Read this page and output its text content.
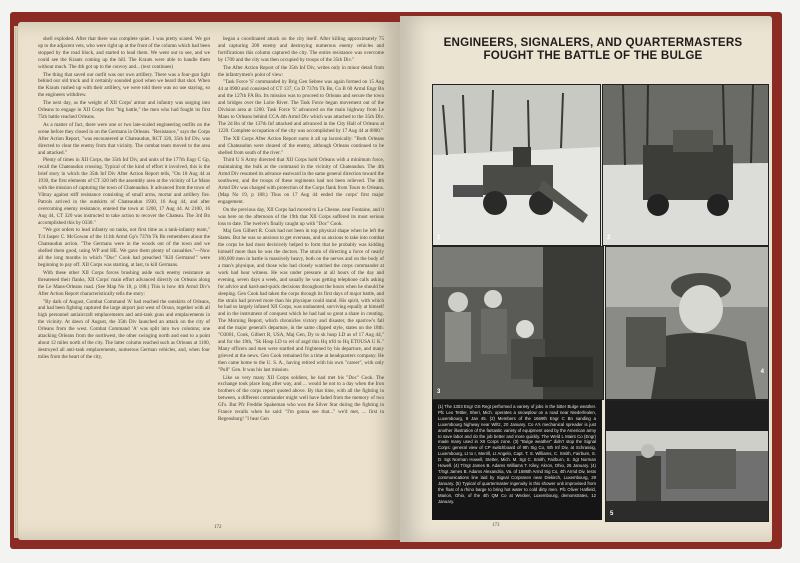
shell exploded. After that there was complete quiet. I was pretty scared. We got up to the adjacent vets, who were right up at the front of the column which had been stopped by the road block, and started to lead them. We went out to see, and we could see the Krauts coming up the hill. The Krauts were able to handle them without much. The 4th got up to the convoy and... (text continues)

The thing that saved our outfit was our own artillery. There was a four-gun light behind our old truck and it certainly sounded good when we heard that shot. When the Krauts rushed up with their artillery, we were told there was no use staying, so the engineers withdrew.

The next day, as the weight of XII Corps' armor and infantry was surging into Orleans to engage in XII Corps first "big battle," the men who had fought its first 75th battle reached Orleans.

As a matter of fact, there were one or two late-scaled engineering outfits on the scene before they closed in on the Germans in Orleans. "Resistance," says the Corps After Action Report, "was encountered at Chateaudun, RCT 320, 35th Inf Div, was directed to clear the enemy from that vicinity. The combat team moved to the area and attacked."

Plenty of times in XII Corps, the 35th Inf Div, and units of the 177th Engr C Gp, recall the Chateaudun crossing. Typical of the kind of effort it involved, this is the brief story in which the 35th Inf Div After Action Report tells, "On 18 Aug 44 at 1930, the first elements of CT 320 left the assembly area at the vicinity of Le Mans with the mission of capturing the town of Chateaudun. It advanced from the town of Vibray against stiff resistance consisting of small arms, mortar and artillery fire. Patrols arrived in the outskirts of Chateaudun 1930, 16 Aug 44, and after overcoming enemy resistance, entered the town at 1200, 17 Aug 44. At 2100, 16 Aug 44, CT 320 was instructed to take action to recover the Chateau. The 3rd Bn accomplished this by 0330."

"We got orders to lead infantry on tanks, not first time as a tank-infantry team," T/4 Jasper C. McGowan of the 111th Armd Gp's 737th Tk Bn remembers about the Chateaudun action. "The Germans were in the woods out of the town and we shelled them good, using WP and HE. We gave them plenty of casualties."—Now all the long months in which "Doc" Cook had preached "Kill Germans!" were beginning to pay off. XII Corps was starting, at last, to kill Germans.

With these other XII Corps forces brushing aside such enemy resistance as threatened their flanks, XII Corps' main effort advanced directly on Orleans along the Le Mans-Orleans road. (See Map No 18, p 188.) This is how 4th Armd Div's After Action Report characteristically tells the story:

"By dark of August, Combat Command 'A' had reached the outskirts of Orleans, and had been fighting captured the large airport just west of Orson, together with all high personnel antiaircraft emplacements and anti-tank guns and emplacements in the vicinity. At dawn of August, the 35th Div launched an attack on the city of Orleans from the west. Combat Command 'A' was split into two columns; one attacking Orleans from the northwest, the other swinging north and east to a point about 12 miles north of the city. The latter column reached such as Orleans at 1100, destroyed all anti-tank emplacements, numerous German vehicles, and, when four miles from the heart of the city,

began a coordinated attack on the city itself. After killing approximately 75 and capturing 200 enemy and destroying numerous enemy vehicles and fortifications this column captured the city. The entire resistance was overcome by 1700 and the city was then occupied by troops of the 35th Div."

The After Action Report of the 35th Inf Div, writes only in minor detail from the infantrymen's point of view:

"Task Force 'S' commanded by Brig Gen Sebree was again formed on 15 Aug 44 at 0900 and consisted of CT 137, Co D 737th Tk Bn, Co B 60 Armd Engr Bn and the 127th FA Bn. Its mission was to proceed to Orleans and secure the town and bridges over the Loire River. The Task Force began movement out of the Division area at 1200. Task Force 'S' advanced on the main highway from Le Mans to Orleans behind CCA 4th Armd Div which was attached to the 35th Div. The 2d Bn of the 137th Inf attacked and advanced in the City Hall of Orleans at 1220. Complete occupation of the city was accomplished by 17 Aug 44 at 0800."

The XII Corps After Action Report sums it all up laconically: "Both Orleans and Chateaudun were cleared of the enemy, although Orleans continued to be shelled from south of the river."

Third U S Army directed that XII Corps hold Orleans with a minimum force, maintaining the bulk at the command in the vicinity of Chateaudun. The 4th Armd Div resumed its advance eastward in the same general direction toward the southwest, and the troops of these regiments had not been relieved. The 4th Armd Div was charged with protection of the Corps flank from Tours to Orleans. (Map No 19, p 188.) Thus on 17 Aug 44 ended the corps' first major engagement.

On the previous day, XII Corps had moved to La Chesne, near Fontaine, and it was here on the afternoon of the 19th that XII Corps suffered its most serious loss to date. The twelve's finally caught up with "Doc" Cook.

Maj Gen Gilbert R. Cook had not been in top physical shape when he left the States. But he was so anxious to get overseas, and so anxious to take into combat the corps he had most decisively helped to form that he probably was kidding himself more than he was the doctors. The strain of directing a force of nearly 100,000 men in battle is massively heavy, both on the nerves and on the body of a man's physique, and those who had closely watched the corps commander at work had hear witness. He was under pressure at all hours of the day and evening, seven days a week, and usually he was getting telephone calls asking for advice and hard-and-quick decisions throughout the hours when he should be sleeping. Gen Cook had taken the corps through its first days of major battle, and the strain had proved more than his physique could stand. His spirit, with which he had so largely infused XII Corps, was undaunted, surviving equally at himself and in the instrument of conquest which he had had so great a share in creating. The Morning Report, which chronicles victory and disaster, the sparrow's fall and the major general's departure, in the same clipped style, states on the 18th: "O3001, Cook, Gilbert R, USA, Maj Gen, Dy to sk hosp LD as of 17 Aug 44," and for the 19th, "Sk Hosp LD to rel of asgd this Hq trfd to Hq ETOUSA U K." Many officers and men were startled and frightened by his departure, and many grieved at the news. Gen Cook remained for a time at headquarters company. He then came home to the U. S. A., having retired with his own "career", with only "Pull" Gen. It was his last mission.

Like so very many XII Corps soldiers, he had met his "Doc" Cook. The exchange took place long after way, and ... would he not to a day when the Iron brothers of the corps report quoted above. By that time, with all the fighting in between, a different commander might well have faded from the memory of two GI's. But Pfc Freddie Spakeman who won the Silver Star during the fighting in France recalls when he said: "I'm gonna see that..." we'd met, ... first in Regensburg! "I hear Gen

172
ENGINEERS, SIGNALERS, AND QUARTERMASTERS FOUGHT THE BATTLE OF THE BULGE
1	2
3
4
(1) The 1303 Engr GS Regt performed a variety of jobs in the bitter Bulge weather. Pfc Leo Tettler, Sheri, Mich. operates a snowplow on a road near Niederfeulen, Luxembourg, 8 Jan 45. (2) Members of the 1669th Engr C Bn sanding a Luxembourg highway near Wiltz, 20 January. Co A's mechanical spreader is just another illustration of the fantastic variety of equipment used by the American army to save labor and do the job better and more quickly. The Weld L Maint Co (Engr) made many used in XII Corps zone. (3) "Bulge weather" didn't stop the Signal Corps: general view of CP switchboard of 9th Sig Co, 5th Inf Div, at Schrassig, Luxembourg, Lt to r, Merrill, Lt Angelo, Capt. T. S. Williams, C. Smith, Fairburn, S. D. Sgt Norman Howell, Stetter, Mich. M. Sgt C. Smith, Fairburn, S. Sgt Norman Howell. (4) T/Sgt James B. Adams Williams T. Kiley, Akron, Ohio, 26 January. (4) T/Sgt James B. Adams Alexandria, Va. of 1686th Armd Sig Co, 4th Armd Div, tests communications line laid by Signal Corpsmen near Diekirch, Luxembourg, 29 January. (5) Typical of quartermaster ingenuity is this shower unit improvised from the float of a rhino barge to bring hot water to cold dirty men. Pfc Oliver Hatfield, Marion, Ohio, of the 4th QM Co at Wecker, Luxembourg, demonstrates, 12 January.
5
173
